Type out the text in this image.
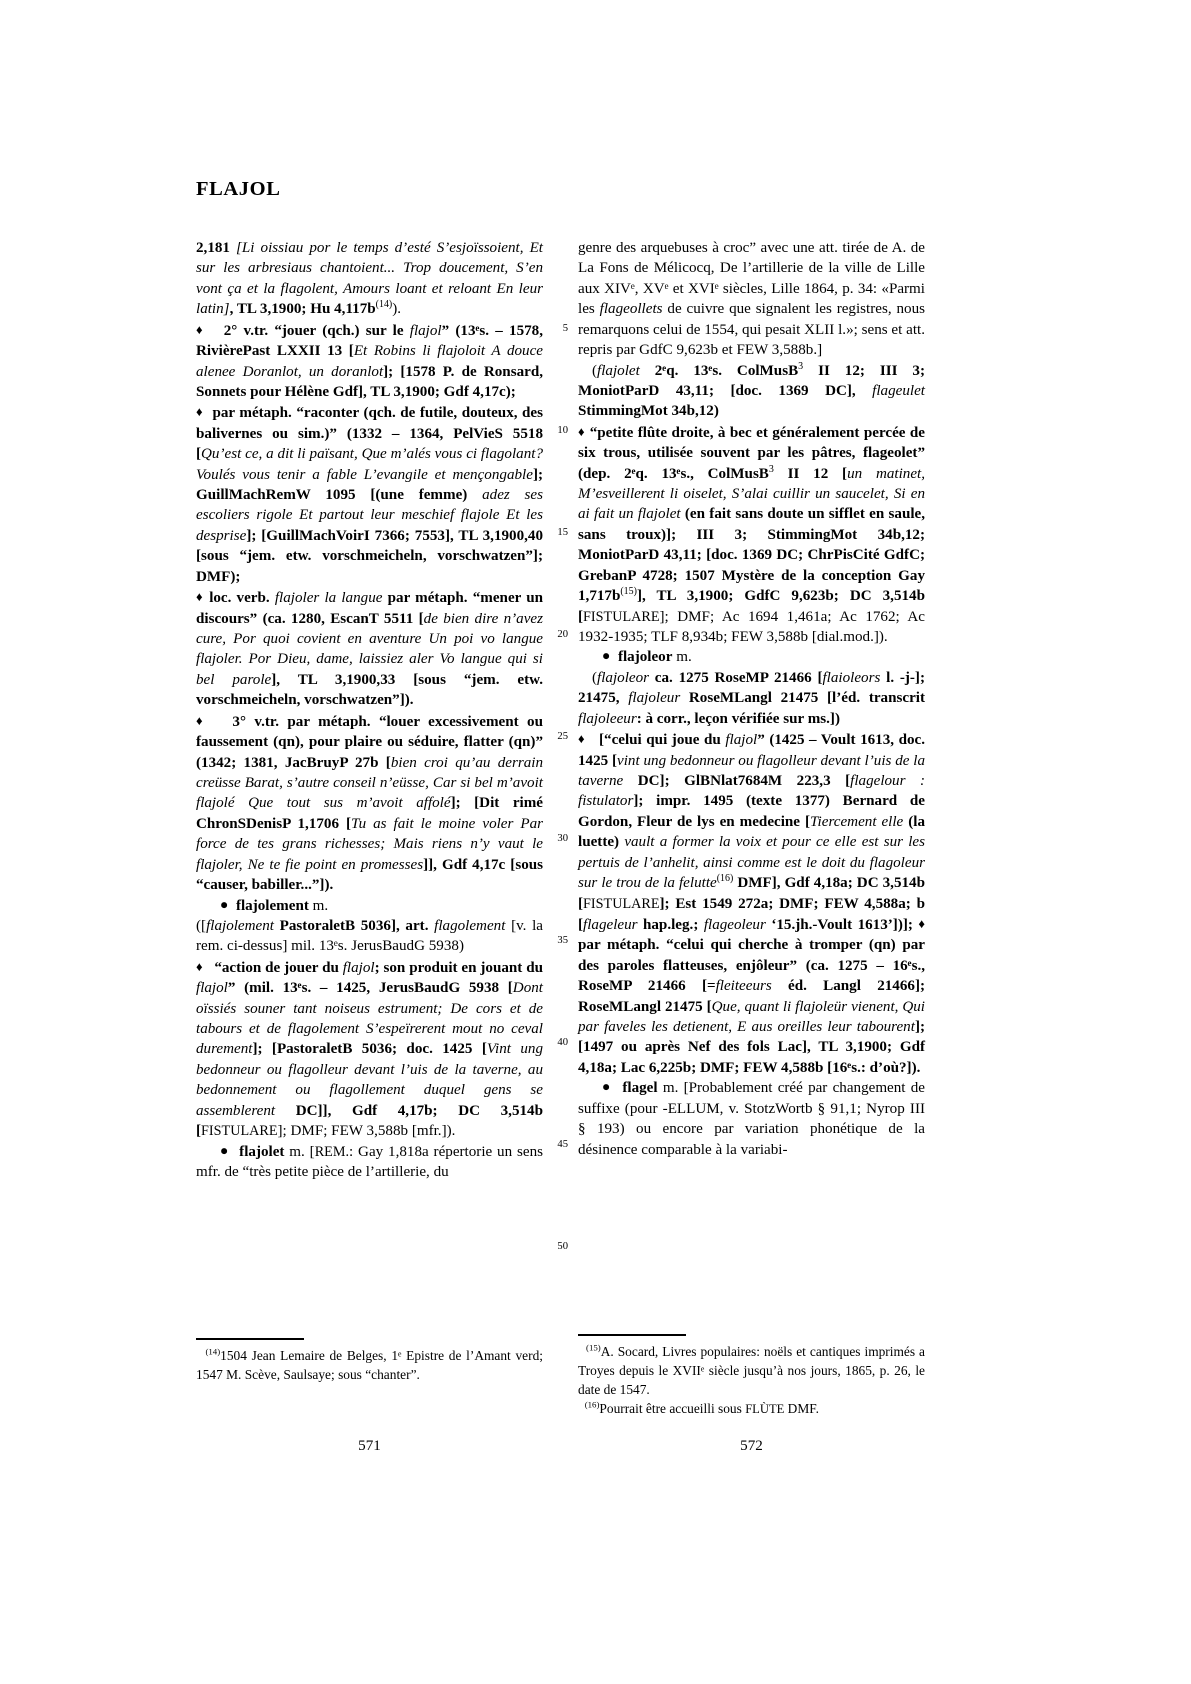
FLAJOL
5
10
15
20
25
30
35
40
45
50

2,181 [Li oissiau por le temps d’esté S’esjoïssoient, Et sur les arbresiaus chantoient... Trop doucement, S’en vont ça et la flagolent, Amours loant et reloant En leur latin], TL 3,1900; Hu $4,117b^{(14)}$).

♦ 2° v.tr. “jouer (qch.) sur le flajol” (13ᵉs. – 1578, RivièrePast LXXII 13 [Et Robins li flajoloit A douce alenee Doranlot, un doranlot]; [1578 P. de Ronsard, Sonnets pour Hélène Gdf], TL 3,1900; Gdf 4,17c);

♦ par métaph. “raconter (qch. de futile, douteux, des balivernes ou sim.)” (1332 – 1364, PelVieS 5518 [Qu’est ce, a dit li païsant, Que m’alés vous ci flagolant? Voulés vous tenir a fable L’evangile et mençongable]; GuillMachRemW 1095 [(une femme) adez ses escoliers rigole Et partout leur meschief flajole Et les desprise]; [GuillMachVoirI 7366; 7553], TL 3,1900,40 [sous “jem. etw. vorschmeicheln, vorschwatzen”]; DMF);

♦ loc. verb. flajoler la langue par métaph. “mener un discours” (ca. 1280, EscanT 5511 [de bien dire n’avez cure, Por quoi covient en aventure Un poi vo langue flajoler. Por Dieu, dame, laissiez aler Vo langue qui si bel parole], TL 3,1900,33 [sous “jem. etw. vorschmeicheln, vorschwatzen”]).

♦ 3° v.tr. par métaph. “louer excessivement ou faussement (qn), pour plaire ou séduire, flatter (qn)” (1342; 1381, JacBruyP 27b [bien croi qu’au derrain creüsse Barat, s’autre conseil n’eüsse, Car si bel m’avoit flajolé Que tout sus m’avoit affolé]; [Dit rimé ChronSDenisP 1,1706 [Tu as fait le moine voler Par force de tes grans richesses; Mais riens n’y vaut le flajoler, Ne te fie point en promesses]], Gdf 4,17c [sous “causer, babiller...”]).

● flajolement m.

([flajolement PastoraletB 5036], art. flagolement [v. la rem. ci-dessus] mil. 13ᵉs. JerusBaudG 5938)

♦ “action de jouer du flajol; son produit en jouant du flajol” (mil. 13ᵉs. – 1425, JerusBaudG 5938 [Dont oïssiés souner tant noiseus estrument; De cors et de tabours et de flagolement S’espeïrerent mout no ceval durement]; [PastoraletB 5036; doc. 1425 [Vint ung bedonneur ou flagolleur devant l’uis de la taverne, au bedonnement ou flagollement duquel gens se assemblerent DC]], Gdf 4,17b; DC 3,514b [FISTULARE]; DMF; FEW 3,588b [mfr.]).

● flajolet m. [REM.: Gay 1,818a répertorie un sens mfr. de “très petite pièce de l’artillerie, du

genre des arquebuses à croc” avec une att. tirée de A. de La Fons de Mélicocq, De l’artillerie de la ville de Lille aux XIVᵉ, XVᵉ et XVIᵉ siècles, Lille 1864, p. 34: «Parmi les flageollets de cuivre que signalent les registres, nous remarquons celui de 1554, qui pesait XLII l.»; sens et att. repris par GdfC 9,623b et FEW 3,588b.]

(flajolet 2ᵉq. 13ᵉs. ColMusB$^3$ II 12; III 3; MoniotParD 43,11; [doc. 1369 DC], flageulet StimmingMot 34b,12)

♦ “petite flûte droite, à bec et généralement percée de six trous, utilisée souvent par les pâtres, flageolet” (dep. 2ᵉq. 13ᵉs., ColMusB$^3$ II 12 [un matinet, M’esveillerent li oiselet, S’alai cuillir un saucelet, Si en ai fait un flajolet (en fait sans doute un sifflet en saule, sans troux)]; III 3; StimmingMot 34b,12; MoniotParD 43,11; [doc. 1369 DC; ChrPisCité GdfC; GrebanP 4728; 1507 Mystère de la conception Gay $1,717b^{(15)}$], TL 3,1900; GdfC 9,623b; DC 3,514b [FISTULARE]; DMF; Ac 1694 1,461a; Ac 1762; Ac 1932-1935; TLF 8,934b; FEW 3,588b [dial.mod.]).

● flajoleor m.

(flajoleor ca. 1275 RoseMP 21466 [flaioleors l. -j-]; 21475, flajoleur RoseMLangl 21475 [l’éd. transcrit flajoleeur: à corr., leçon vérifiée sur ms.])

♦ [“celui qui joue du flajol” (1425 – Voult 1613, doc. 1425 [vint ung bedonneur ou flagolleur devant l’uis de la taverne DC]; GlBNlat7684M 223,3 [flagelour : fistulator]; impr. 1495 (texte 1377) Bernard de Gordon, Fleur de lys en medecine [Tiercement elle (la luette) vault a former la voix et pour ce elle est sur les pertuis de l’anhelit, ainsi comme est le doit du flagoleur sur le trou de la felutte$^{(16)}$ DMF], Gdf 4,18a; DC 3,514b [FISTULARE]; Est 1549 272a; DMF; FEW 4,588a; b [flageleur hap.leg.; flageoleur ‘15.jh.-Voult 1613’])]; ♦ par métaph. “celui qui cherche à tromper (qn) par des paroles flatteuses, enjôleur” (ca. 1275 – 16ᵉs., RoseMP 21466 [=fleiteeurs éd. Langl 21466]; RoseMLangl 21475 [Que, quant li flajoleür vienent, Qui par faveles les detienent, E aus oreilles leur tabourent]; [1497 ou après Nef des fols Lac], TL 3,1900; Gdf 4,18a; Lac 6,225b; DMF; FEW 4,588b [16ᵉs.: d’où?]).

● flagel m. [Probablement créé par changement de suffixe (pour -ELLUM, v. StotzWortb § 91,1; Nyrop III § 193) ou encore par variation phonétique de la désinence comparable à la variabi-

$^{(14)}$1504 Jean Lemaire de Belges, 1ᵉ Epistre de l’Amant verd; 1547 M. Scève, Saulsaye; sous “chanter”.

$^{(15)}$A. Socard, Livres populaires: noëls et cantiques imprimés a Troyes depuis le XVIIᵉ siècle jusqu’à nos jours, 1865, p. 26, le date de 1547.

$^{(16)}$Pourrait être accueilli sous FLÙTE DMF.

571	572
